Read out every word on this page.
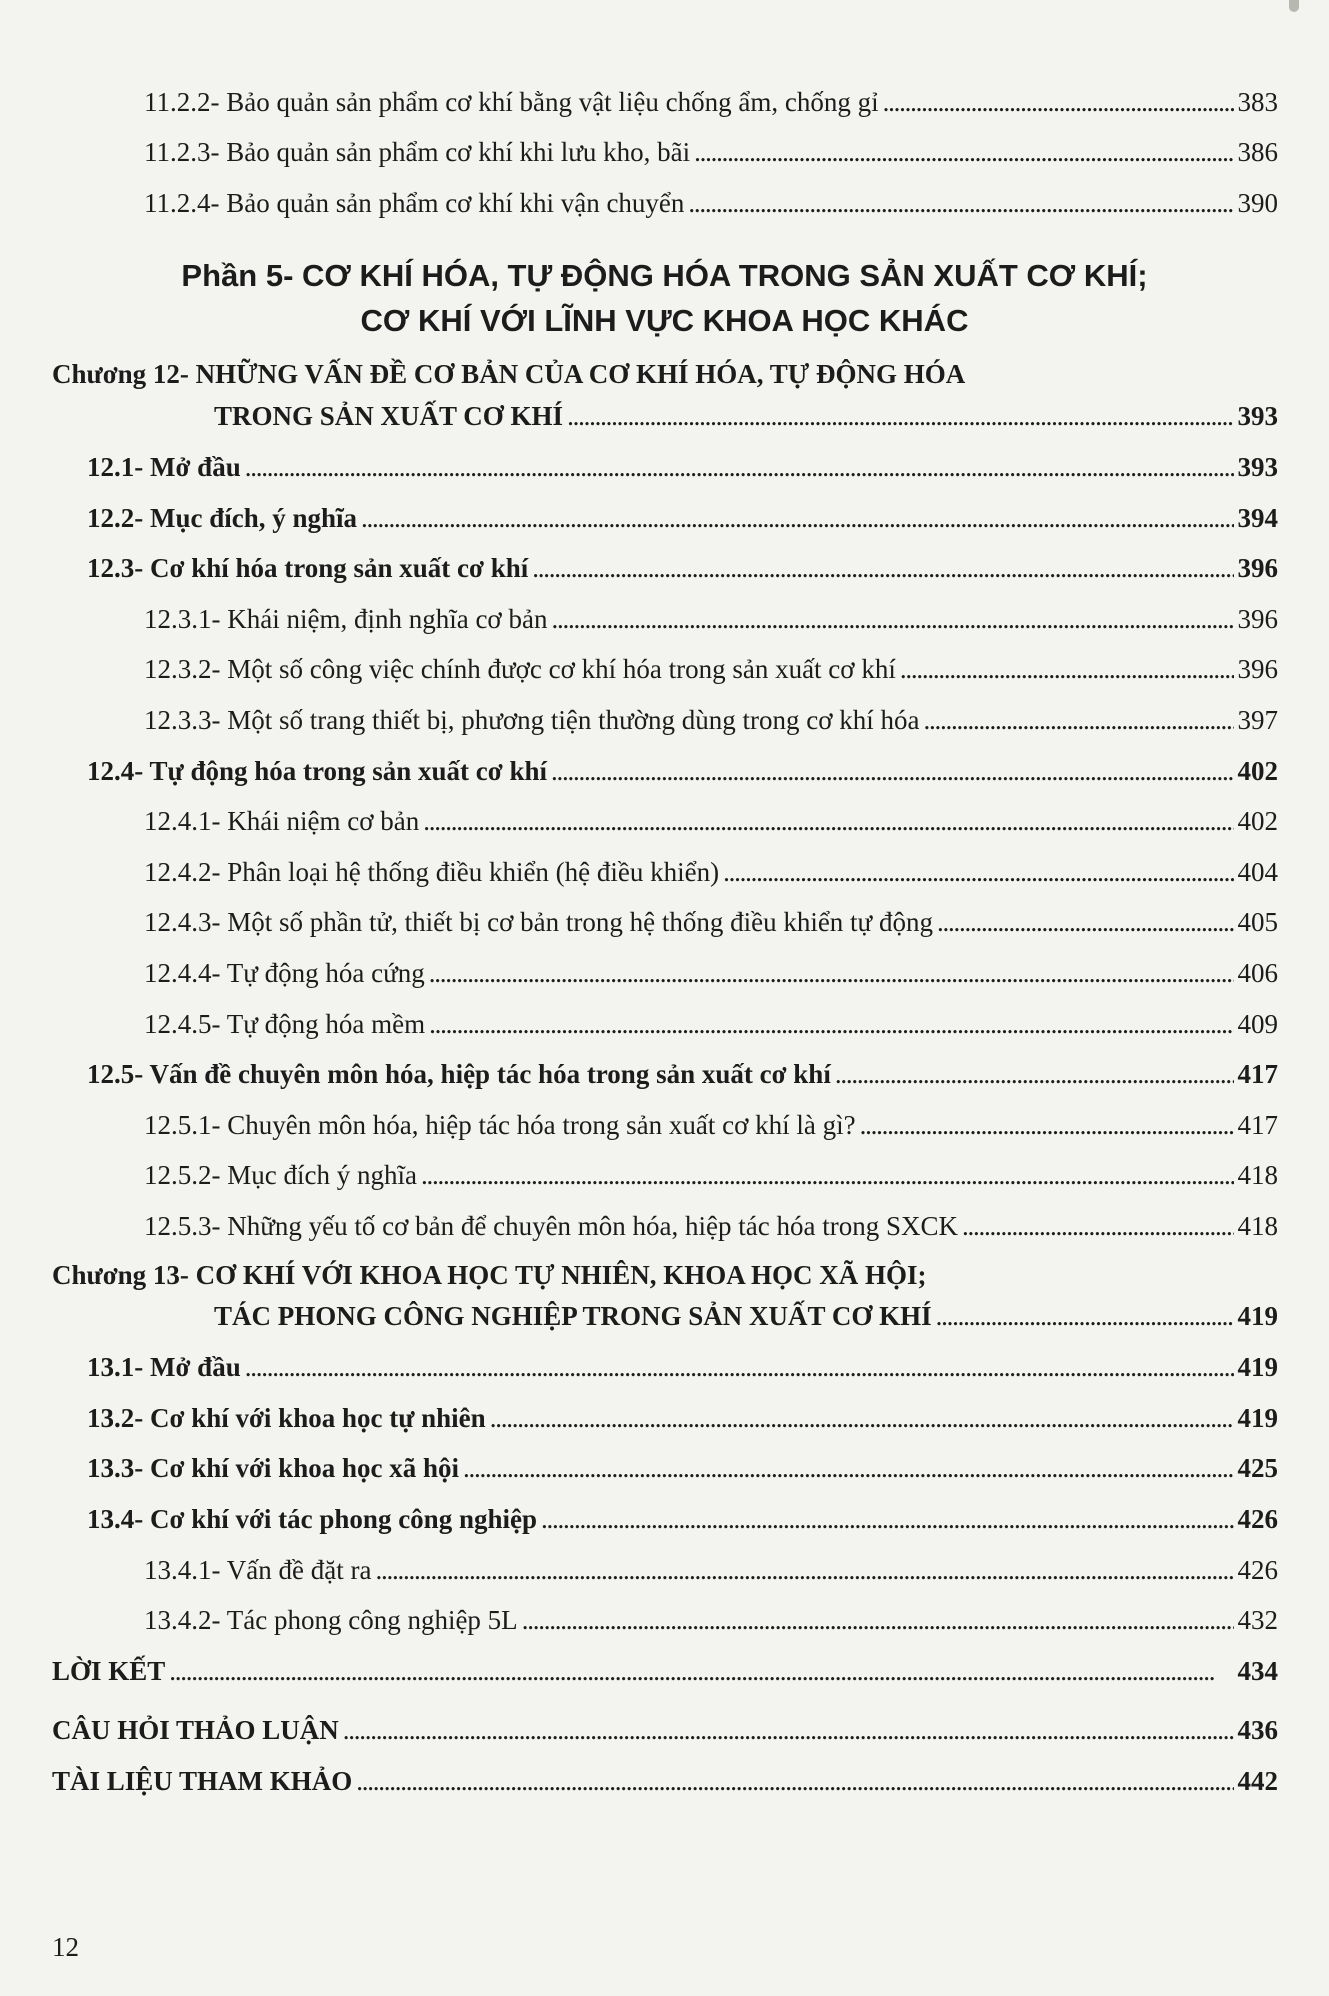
11.2.2- Bảo quản sản phẩm cơ khí bằng vật liệu chống ẩm, chống gỉ . . .	383
11.2.3- Bảo quản sản phẩm cơ khí khi lưu kho, bãi . . .	386
11.2.4- Bảo quản sản phẩm cơ khí khi vận chuyển . . .	390
Phần 5- CƠ KHÍ HÓA, TỰ ĐỘNG HÓA TRONG SẢN XUẤT CƠ KHÍ;
CƠ KHÍ VỚI LĨNH VỰC KHOA HỌC KHÁC
Chương 12- NHỮNG VẤN ĐỀ CƠ BẢN CỦA CƠ KHÍ HÓA, TỰ ĐỘNG HÓA
TRONG SẢN XUẤT CƠ KHÍ . . .	393
12.1- Mở đầu . . .	393
12.2- Mục đích, ý nghĩa . . .	394
12.3- Cơ khí hóa trong sản xuất cơ khí . . .	396
12.3.1- Khái niệm, định nghĩa cơ bản . . .	396
12.3.2- Một số công việc chính được cơ khí hóa trong sản xuất cơ khí . . .	396
12.3.3- Một số trang thiết bị, phương tiện thường dùng trong cơ khí hóa . . .	397
12.4- Tự động hóa trong sản xuất cơ khí . . .	402
12.4.1- Khái niệm cơ bản . . .	402
12.4.2- Phân loại hệ thống điều khiển (hệ điều khiển) . . .	404
12.4.3- Một số phần tử, thiết bị cơ bản trong hệ thống điều khiển tự động . . .	405
12.4.4- Tự động hóa cứng . . .	406
12.4.5- Tự động hóa mềm . . .	409
12.5- Vấn đề chuyên môn hóa, hiệp tác hóa trong sản xuất cơ khí . . .	417
12.5.1- Chuyên môn hóa, hiệp tác hóa trong sản xuất cơ khí là gì? . . .	417
12.5.2- Mục đích ý nghĩa . . .	418
12.5.3- Những yếu tố cơ bản để chuyên môn hóa, hiệp tác hóa trong SXCK . . .	418
Chương 13- CƠ KHÍ VỚI KHOA HỌC TỰ NHIÊN, KHOA HỌC XÃ HỘI;
TÁC PHONG CÔNG NGHIỆP TRONG SẢN XUẤT CƠ KHÍ . . .	419
13.1- Mở đầu . . .	419
13.2- Cơ khí với khoa học tự nhiên . . .	419
13.3- Cơ khí với khoa học xã hội . . .	425
13.4- Cơ khí với tác phong công nghiệp . . .	426
13.4.1- Vấn đề đặt ra . . .	426
13.4.2- Tác phong công nghiệp 5L . . .	432
LỜI KẾT . . .	434
CÂU HỎI THẢO LUẬN . . .	436
TÀI LIỆU THAM KHẢO . . .	442
12
